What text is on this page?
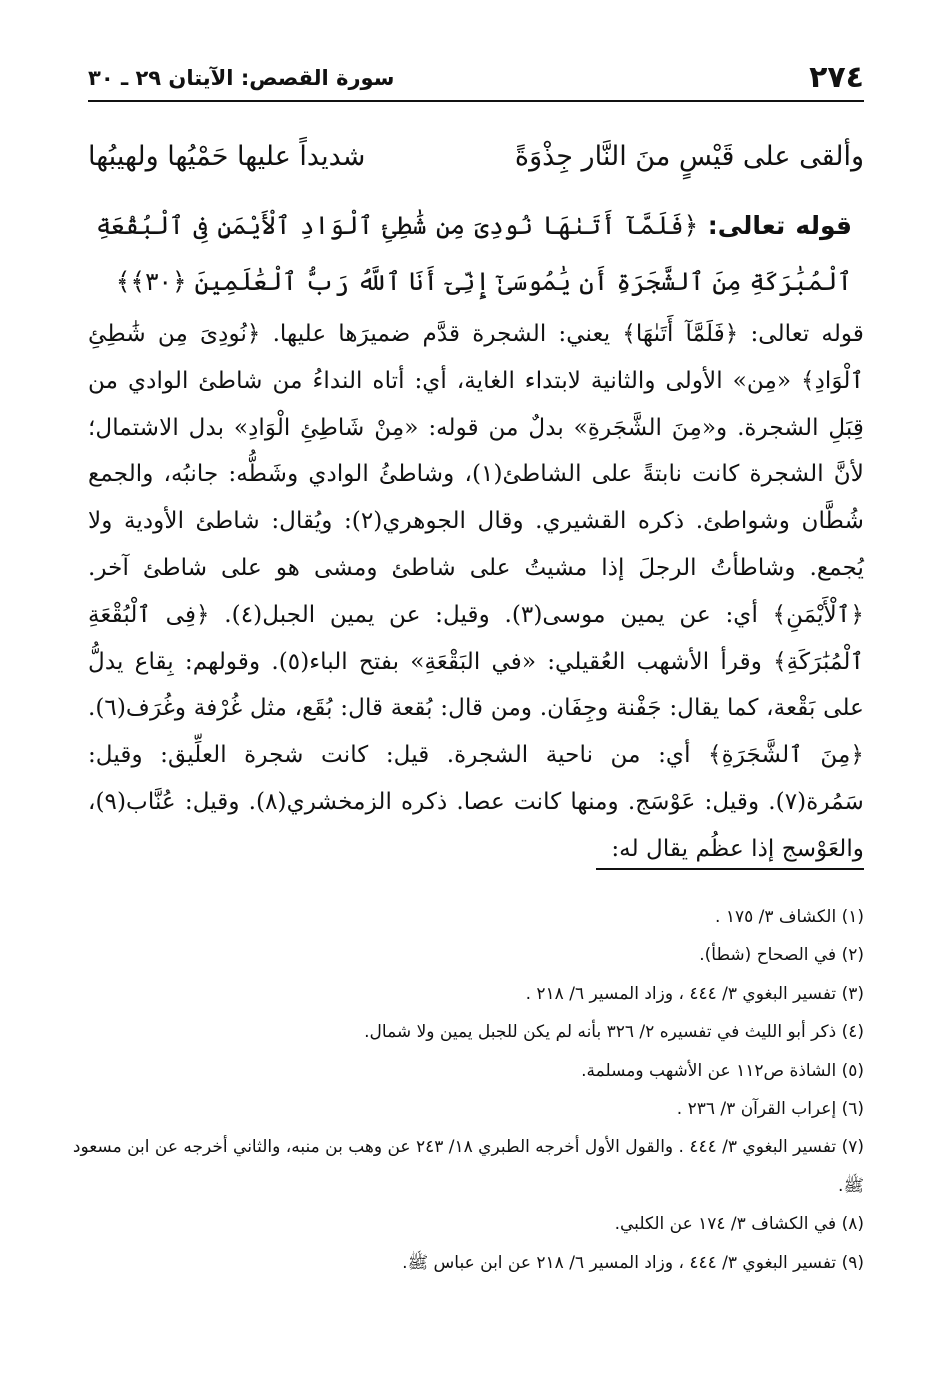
٢٧٤
سورة القصص: الآيتان ٢٩ ـ ٣٠
وألقى على قَيْسٍ منَ النَّار جِذْوَةً
شديداً عليها حَمْيُها ولهيبُها
قوله تعالى: ﴿فَلَمَّآ أَتَىٰهَا نُودِىَ مِن شَٰطِئِ ٱلْوَادِ ٱلْأَيْمَنِ فِى ٱلْبُقْعَةِ ٱلْمُبَٰرَكَةِ مِنَ ٱلشَّجَرَةِ أَن يَٰمُوسَىٰٓ إِنِّىٓ أَنَا ٱللَّهُ رَبُّ ٱلْعَٰلَمِينَ ﴿٣٠﴾﴾
قوله تعالى: ﴿فَلَمَّآ أَتَىٰهَا﴾ يعني: الشجرة قدَّم ضميرَها عليها. ﴿نُودِىَ مِن شَٰطِئِ ٱلْوَادِ﴾ «مِن» الأولى والثانية لابتداء الغاية، أي: أتاه النداءُ من شاطئ الوادي من قِبَلِ الشجرة. و«مِنَ الشَّجَرةِ» بدلٌ من قوله: «مِنْ شَاطِئِ الْوَادِ» بدل الاشتمال؛ لأنَّ الشجرة كانت نابتةً على الشاطئ(١)، وشاطئُ الوادي وشَطُّه: جانبُه، والجمع شُطَّان وشواطئ. ذكره القشيري. وقال الجوهري(٢): ويُقال: شاطئ الأودية ولا يُجمع. وشاطأتُ الرجلَ إذا مشيتُ على شاطئ ومشى هو على شاطئ آخر. ﴿ٱلْأَيْمَنِ﴾ أي: عن يمين موسى(٣). وقيل: عن يمين الجبل(٤). ﴿فِى ٱلْبُقْعَةِ ٱلْمُبَٰرَكَةِ﴾ وقرأ الأشهب العُقيلي: «في البَقْعَةِ» بفتح الباء(٥). وقولهم: بِقاع يدلُّ على بَقْعة، كما يقال: جَفْنة وجِفَان. ومن قال: بُقعة قال: بُقَع، مثل غُرْفة وغُرَف(٦). ﴿مِنَ ٱلشَّجَرَةِ﴾ أي: من ناحية الشجرة. قيل: كانت شجرة العلِّيق: وقيل: سَمُرة(٧). وقيل: عَوْسَج. ومنها كانت عصا. ذكره الزمخشري(٨). وقيل: عُنَّاب(٩)، والعَوْسج إذا عظُم يقال له:
(١) الكشاف ٣/ ١٧٥ .
(٢) في الصحاح (شطأ).
(٣) تفسير البغوي ٣/ ٤٤٤ ، وزاد المسير ٦/ ٢١٨ .
(٤) ذكر أبو الليث في تفسيره ٢/ ٣٢٦ بأنه لم يكن للجبل يمين ولا شمال.
(٥) الشاذة ص١١٢ عن الأشهب ومسلمة.
(٦) إعراب القرآن ٣/ ٢٣٦ .
(٧) تفسير البغوي ٣/ ٤٤٤ . والقول الأول أخرجه الطبري ١٨/ ٢٤٣ عن وهب بن منبه، والثاني أخرجه عن ابن مسعود ﷺ.
(٨) في الكشاف ٣/ ١٧٤ عن الكلبي.
(٩) تفسير البغوي ٣/ ٤٤٤ ، وزاد المسير ٦/ ٢١٨ عن ابن عباس ﷺ.
